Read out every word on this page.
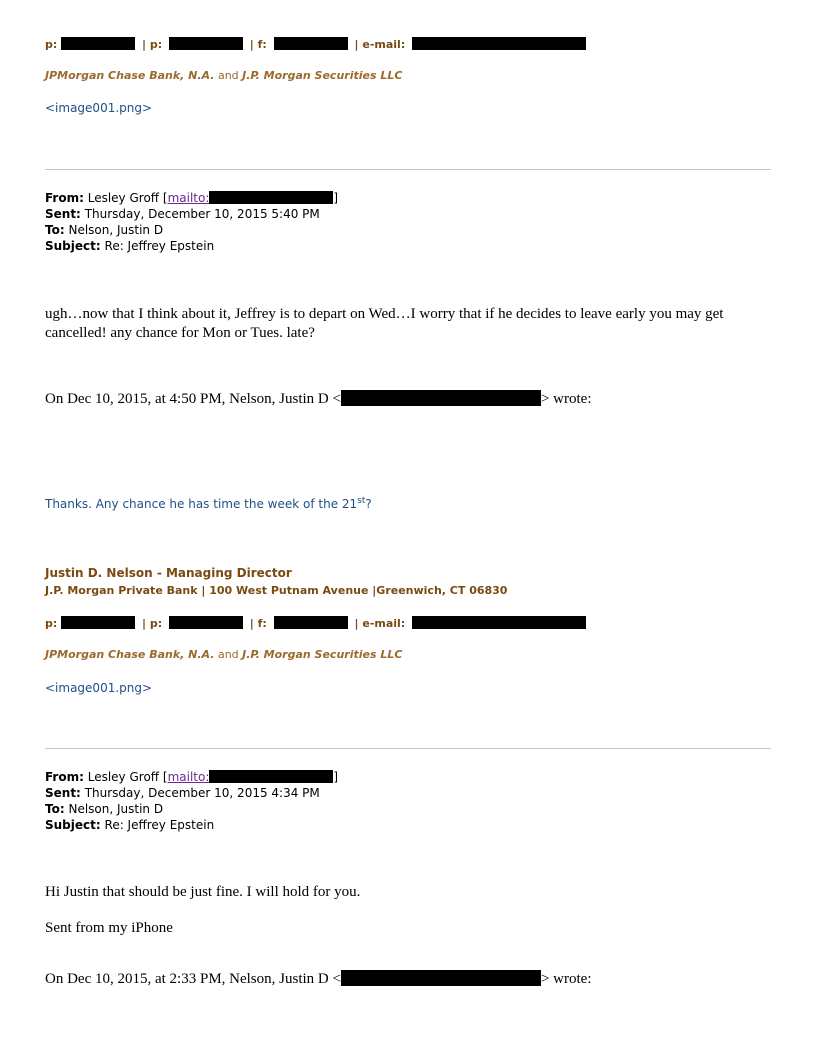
p:	| p:	| f:	| e-mail:
JPMorgan Chase Bank, N.A. and J.P. Morgan Securities LLC
<image001.png>
From: Lesley Groff [mailto:	]
Sent: Thursday, December 10, 2015 5:40 PM
To: Nelson, Justin D
Subject: Re: Jeffrey Epstein
ugh…now that I think about it, Jeffrey is to depart on Wed…I worry that if he decides to leave early you may get
cancelled! any chance for Mon or Tues. late?
On Dec 10, 2015, at 4:50 PM, Nelson, Justin D <	> wrote:
Thanks. Any chance he has time the week of the 21st?
Justin D. Nelson - Managing Director
J.P. Morgan Private Bank | 100 West Putnam Avenue |Greenwich, CT 06830
p:	| p:	| f:	| e-mail:
JPMorgan Chase Bank, N.A. and J.P. Morgan Securities LLC
<image001.png>
From: Lesley Groff [mailto:	]
Sent: Thursday, December 10, 2015 4:34 PM
To: Nelson, Justin D
Subject: Re: Jeffrey Epstein
Hi Justin that should be just fine. I will hold for you.
Sent from my iPhone
On Dec 10, 2015, at 2:33 PM, Nelson, Justin D <	> wrote:
